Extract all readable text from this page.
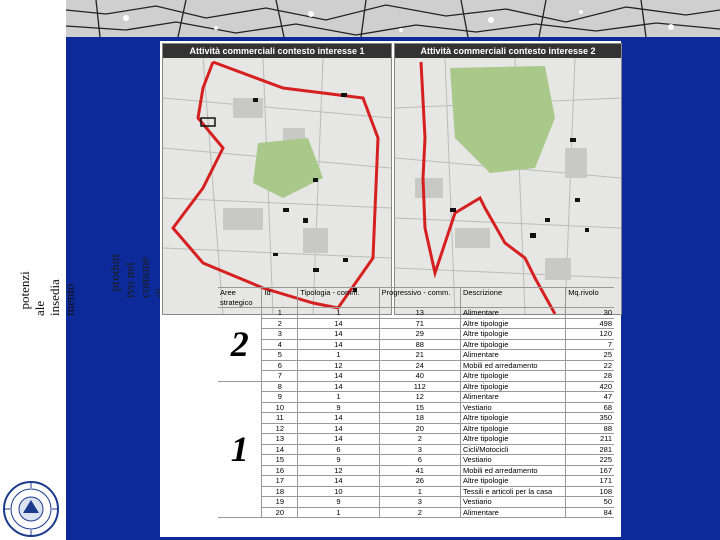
potenzi
ale
insedia
mento

produtt
ivo nel
comune

Attività commerciali contesto interesse 1	Attività commerciali contesto interesse 2
Aree strategico	Id	Tipologia - comm.	Progressivo - comm.	Descrizione	Mq.rivolo
2	1	1	13	Alimentare	30
	2	14	71	Altre tipologie	498
	3	14	29	Altre tipologie	120
	4	14	88	Altre tipologie	7
	5	1	21	Alimentare	25
	6	12	24	Mobili ed arredamento	22
	7	14	40	Altre tipologie	28
1	8	14	112	Altre tipologie	420
	9	1	12	Alimentare	47
	10	9	15	Vestiario	68
	11	14	18	Altre tipologie	350
	12	14	20	Altre tipologie	88
	13	14	2	Altre tipologie	211
	14	6	3	Cicli/Motocicli	281
	15	9	6	Vestiario	225
	16	12	41	Mobili ed arredamento	167
	17	14	26	Altre tipologie	171
	18	10	1	Tessili e articoli per la casa	108
	19	9	3	Vestiario	50
	20	1	2	Alimentare	84
